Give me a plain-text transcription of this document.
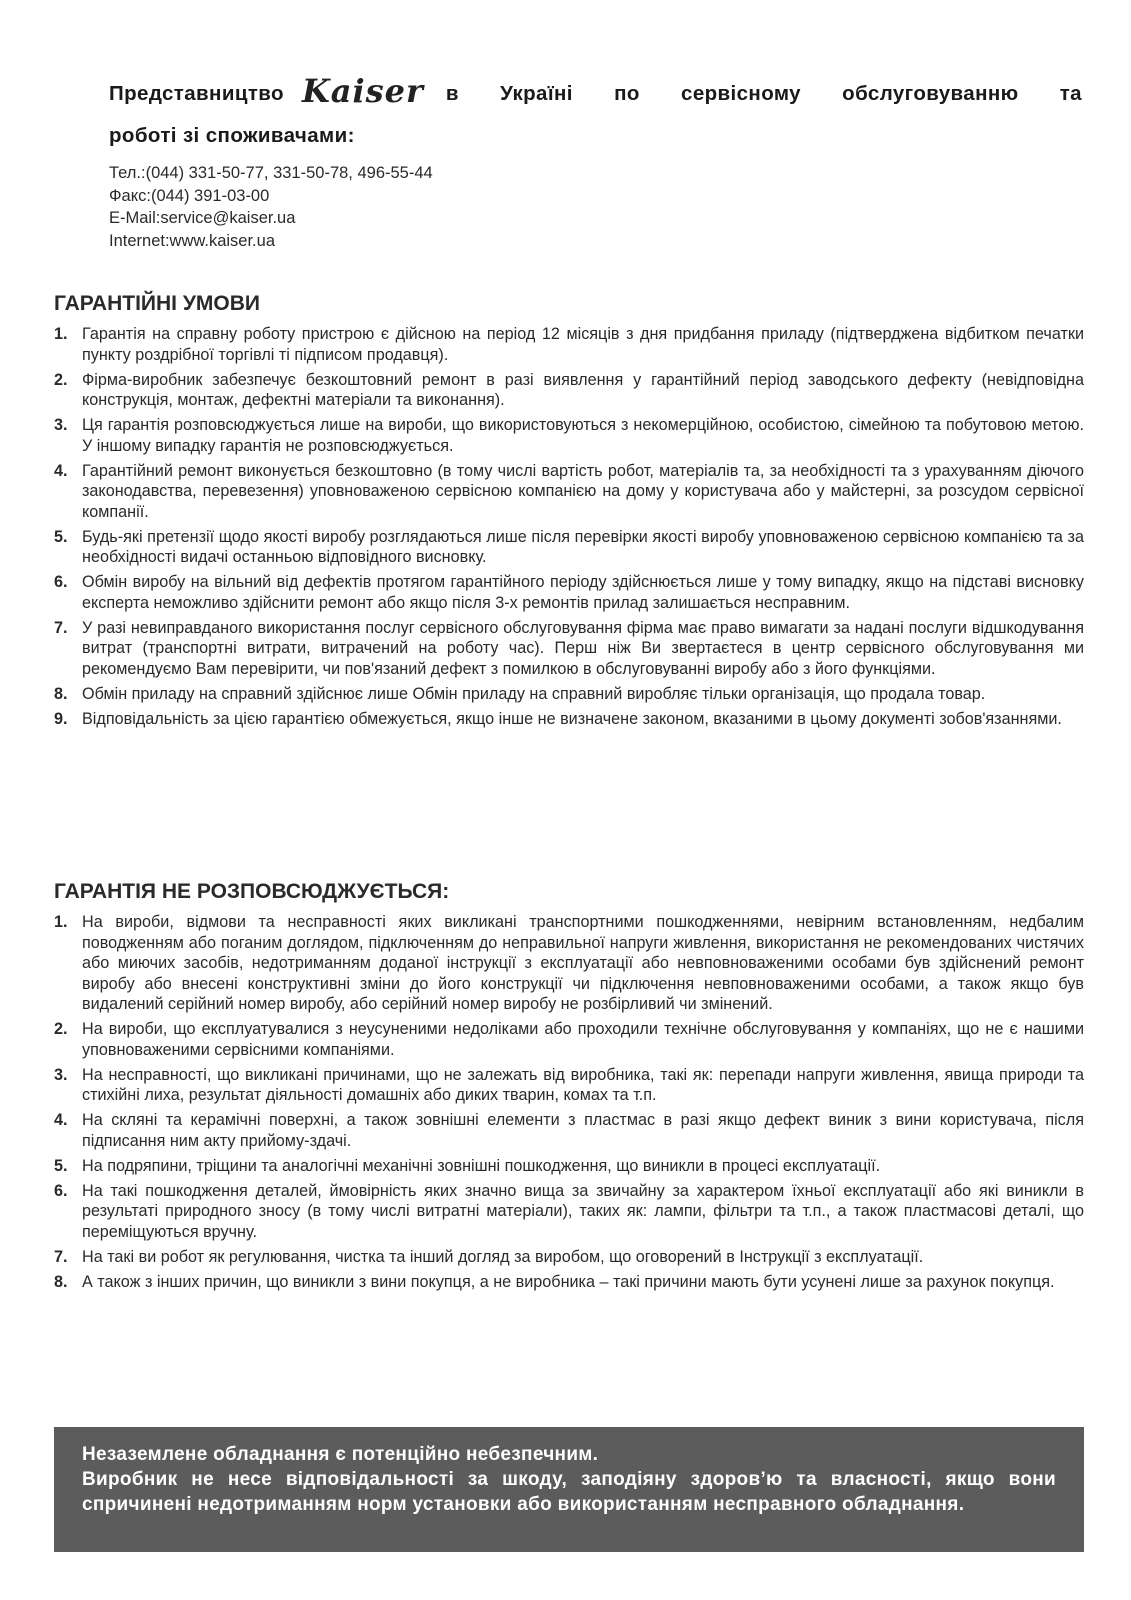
Представництво Kaiser в Україні по сервісному обслуговуванню та
роботі зі споживачами:
Тел.:(044) 331-50-77, 331-50-78, 496-55-44
Факс:(044) 391-03-00
E-Mail:service@kaiser.ua
Internet:www.kaiser.ua
ГАРАНТІЙНІ УМОВИ
1. Гарантія на справну роботу пристрою є дійсною на період 12 місяців з дня придбання приладу (підтверджена відбитком печатки пункту роздрібної торгівлі ті підписом продавця).
2. Фірма-виробник забезпечує безкоштовний ремонт в разі виявлення у гарантійний період заводського дефекту (невідповідна конструкція, монтаж, дефектні матеріали та виконання).
3. Ця гарантія розповсюджується лише на вироби, що використовуються з некомерційною, особистою, сімейною та побутовою метою. У іншому випадку гарантія не розповсюджується.
4. Гарантійний ремонт виконується безкоштовно (в тому числі вартість робот, матеріалів та, за необхідності та з урахуванням діючого законодавства, перевезення) уповноваженою сервісною компанією на дому у користувача або у майстерні, за розсудом сервісної компанії.
5. Будь-які претензії щодо якості виробу розглядаються лише після перевірки якості виробу уповноваженою сервісною компанією та за необхідності видачі останньою відповідного висновку.
6. Обмін виробу на вільний від дефектів протягом гарантійного періоду здійснюється лише у тому випадку, якщо на підставі висновку експерта неможливо здійснити ремонт або якщо після 3-х ремонтів прилад залишається несправним.
7. У разі невиправданого використання послуг сервісного обслуговування фірма має право вимагати за надані послуги відшкодування витрат (транспортні витрати, витрачений на роботу час). Перш ніж Ви звертаєтеся в центр сервісного обслуговування ми рекомендуємо Вам перевірити, чи пов'язаний дефект з помилкою в обслуговуванні виробу або з його функціями.
8. Обмін приладу на справний здійснює лише Обмін приладу на справний виробляє тільки організація, що продала товар.
9. Відповідальність за цією гарантією обмежується, якщо інше не визначене законом, вказаними в цьому документі зобов'язаннями.
ГАРАНТІЯ НЕ РОЗПОВСЮДЖУЄТЬСЯ:
1. На вироби, відмови та несправності яких викликані транспортними пошкодженнями, невірним встановленням, недбалим поводженням або поганим доглядом, підключенням до неправильної напруги живлення, використання не рекомендованих чистячих або миючих засобів, недотриманням доданої інструкції з експлуатації або невповноваженими особами був здійснений ремонт виробу або внесені конструктивні зміни до його конструкції чи підключення невповноваженими особами, а також якщо був видалений серійний номер виробу, або серійний номер виробу не розбірливий чи змінений.
2. На вироби, що експлуатувалися з неусуненими недоліками або проходили технічне обслуговування у компаніях, що не є нашими уповноваженими сервісними компаніями.
3. На несправності, що викликані причинами, що не залежать від виробника, такі як: перепади напруги живлення, явища природи та стихійні лиха, результат діяльності домашніх або диких тварин, комах та т.п.
4. На скляні та керамічні поверхні, а також зовнішні елементи з пластмас в разі якщо дефект виник з вини користувача, після підписання ним акту прийому-здачі.
5. На подряпини, тріщини та аналогічні механічні зовнішні пошкодження, що виникли в процесі експлуатації.
6. На такі пошкодження деталей, ймовірність яких значно вища за звичайну за характером їхньої експлуатації або які виникли в результаті природного зносу (в тому числі витратні матеріали), таких як: лампи, фільтри та т.п., а також пластмасові деталі, що переміщуються вручну.
7. На такі ви робот як регулювання, чистка та інший догляд за виробом, що оговорений в Інструкції з експлуатації.
8. А також з інших причин, що виникли з вини покупця, а не виробника – такі причини мають бути усунені лише за рахунок покупця.
Незаземлене обладнання є потенційно небезпечним.
Виробник не несе відповідальності за шкоду, заподіяну здоров’ю та власності, якщо вони спричинені недотриманням норм установки або використанням несправного обладнання.
